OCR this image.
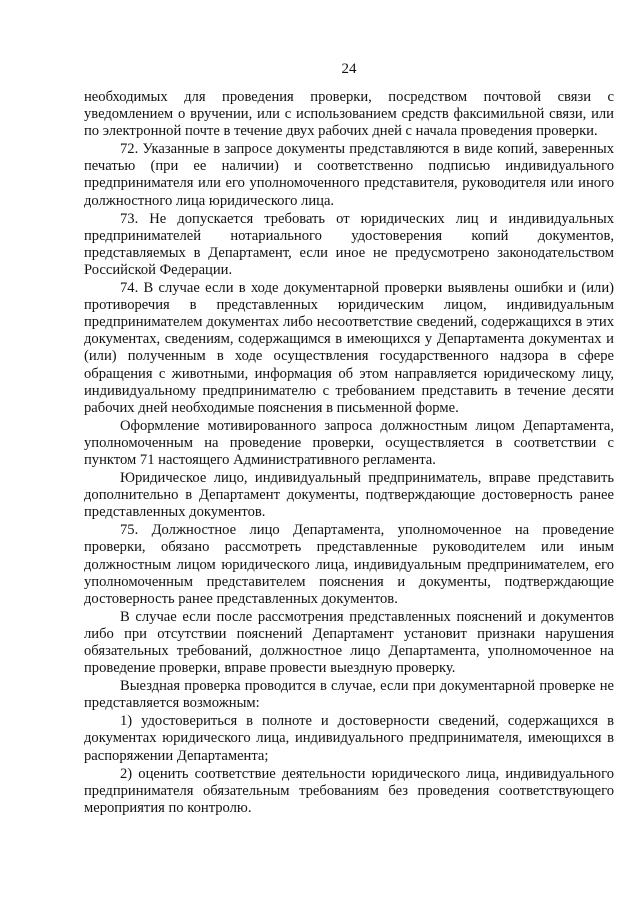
24

необходимых для проведения проверки, посредством почтовой связи с уведомлением о вручении, или с использованием средств факсимильной связи, или по электронной почте в течение двух рабочих дней с начала проведения проверки.

72. Указанные в запросе документы представляются в виде копий, заверенных печатью (при ее наличии) и соответственно подписью индивидуального предпринимателя или его уполномоченного представителя, руководителя или иного должностного лица юридического лица.

73. Не допускается требовать от юридических лиц и индивидуальных предпринимателей нотариального удостоверения копий документов, представляемых в Департамент, если иное не предусмотрено законодательством Российской Федерации.

74. В случае если в ходе документарной проверки выявлены ошибки и (или) противоречия в представленных юридическим лицом, индивидуальным предпринимателем документах либо несоответствие сведений, содержащихся в этих документах, сведениям, содержащимся в имеющихся у Департамента документах и (или) полученным в ходе осуществления государственного надзора в сфере обращения с животными, информация об этом направляется юридическому лицу, индивидуальному предпринимателю с требованием представить в течение десяти рабочих дней необходимые пояснения в письменной форме.

Оформление мотивированного запроса должностным лицом Департамента, уполномоченным на проведение проверки, осуществляется в соответствии с пунктом 71 настоящего Административного регламента.

Юридическое лицо, индивидуальный предприниматель, вправе представить дополнительно в Департамент документы, подтверждающие достоверность ранее представленных документов.

75. Должностное лицо Департамента, уполномоченное на проведение проверки, обязано рассмотреть представленные руководителем или иным должностным лицом юридического лица, индивидуальным предпринимателем, его уполномоченным представителем пояснения и документы, подтверждающие достоверность ранее представленных документов.

В случае если после рассмотрения представленных пояснений и документов либо при отсутствии пояснений Департамент установит признаки нарушения обязательных требований, должностное лицо Департамента, уполномоченное на проведение проверки, вправе провести выездную проверку.

Выездная проверка проводится в случае, если при документарной проверке не представляется возможным:

1) удостовериться в полноте и достоверности сведений, содержащихся в документах юридического лица, индивидуального предпринимателя, имеющихся в распоряжении Департамента;

2) оценить соответствие деятельности юридического лица, индивидуального предпринимателя обязательным требованиям без проведения соответствующего мероприятия по контролю.
